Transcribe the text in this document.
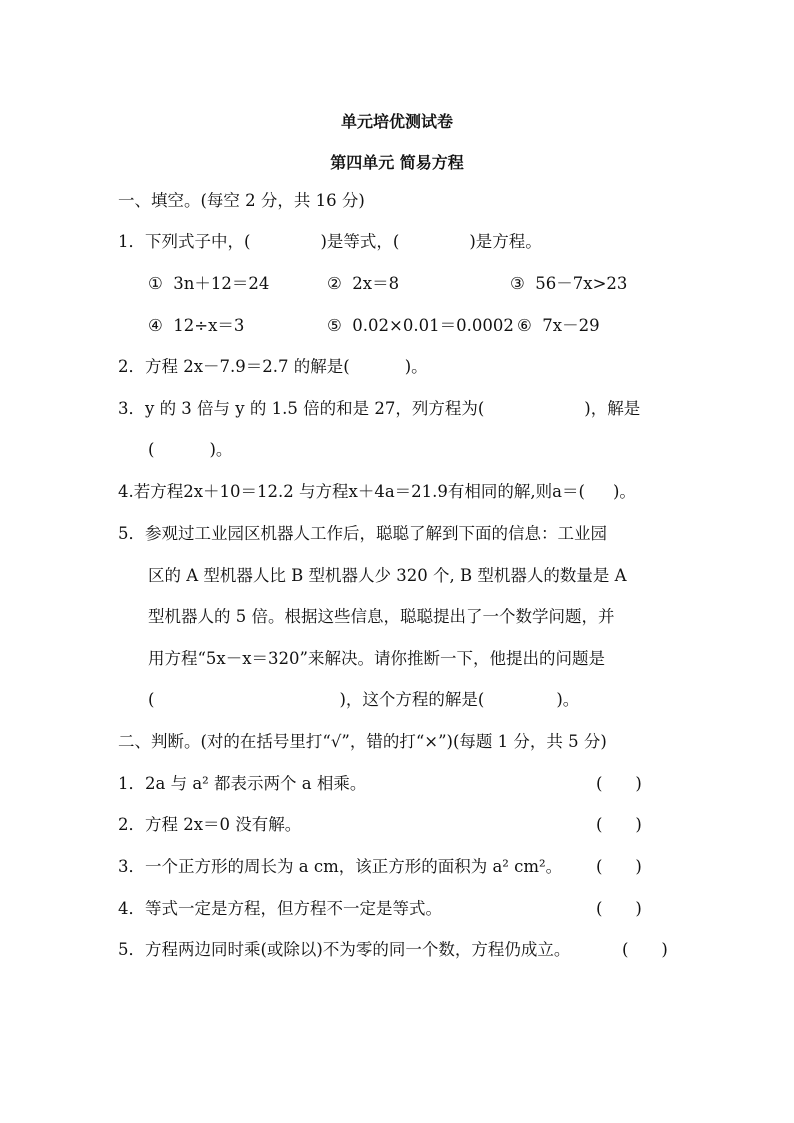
单元培优测试卷
第四单元 简易方程
一、填空。(每空 2 分，共 16 分)
1．下列式子中，(	)是等式，(	)是方程。
① 3n＋12＝24	② 2x＝8	③ 56－7x>23
④ 12÷x＝3	⑤ 0.02×0.01＝0.0002 ⑥ 7x－29
2．方程 2x－7.9＝2.7 的解是(	)。
3．y 的 3 倍与 y 的 1.5 倍的和是 27，列方程为(	)，解是
(	)。
4.若方程2x＋10＝12.2 与方程x＋4a＝21.9有相同的解,则a＝( )。
5．参观过工业园区机器人工作后，聪聪了解到下面的信息：工业园
区的 A 型机器人比 B 型机器人少 320 个, B 型机器人的数量是 A
型机器人的 5 倍。根据这些信息，聪聪提出了一个数学问题，并
用方程“5x－x＝320”来解决。请你推断一下，他提出的问题是
(	)，这个方程的解是(	)。
二、判断。(对的在括号里打“√”，错的打“×”)(每题 1 分，共 5 分)
1．2a 与 a² 都表示两个 a 相乘。	(　　)
2．方程 2x＝0 没有解。	(　　)
3．一个正方形的周长为 a cm，该正方形的面积为 a² cm²。 (　　)
4．等式一定是方程，但方程不一定是等式。	(　　)
5．方程两边同时乘(或除以)不为零的同一个数，方程仍成立。	(　　)
